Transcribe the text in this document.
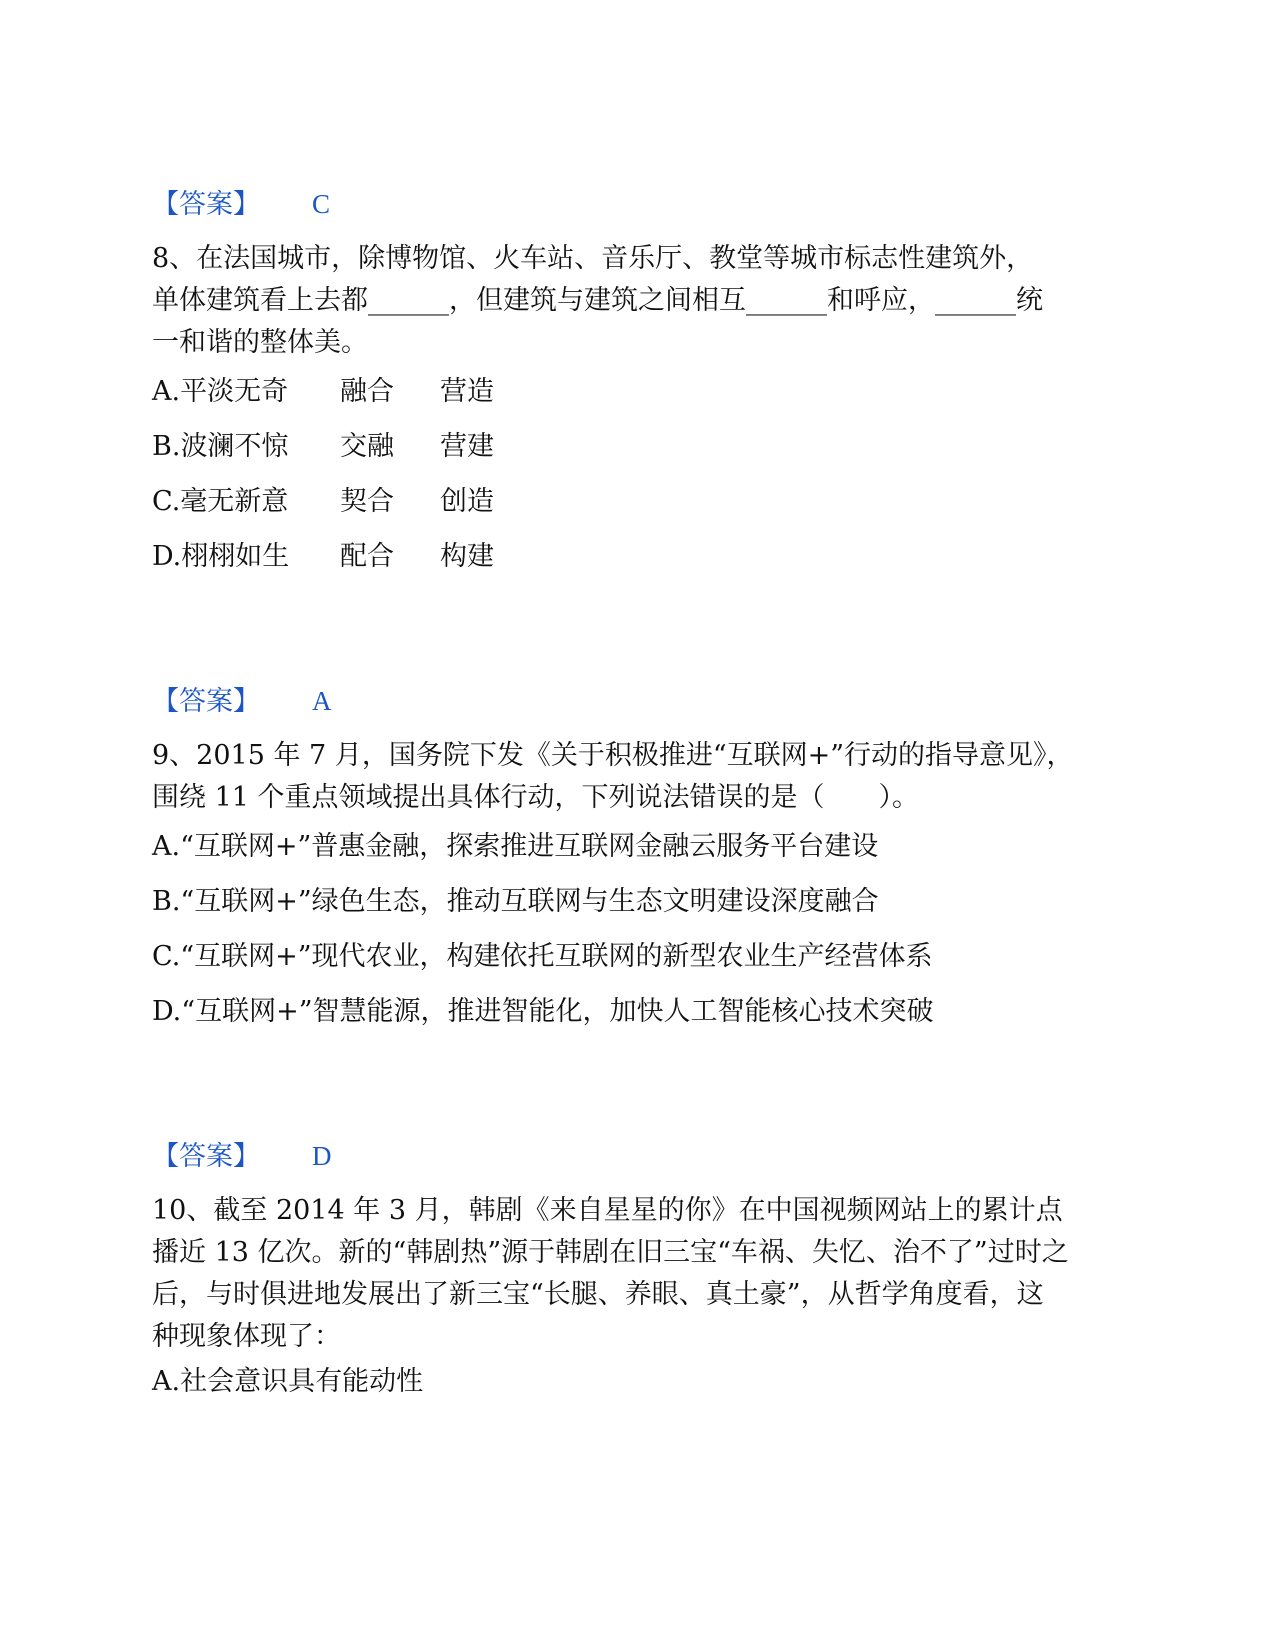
【答案】 C
8、在法国城市，除博物馆、火车站、音乐厅、教堂等城市标志性建筑外，
单体建筑看上去都______，但建筑与建筑之间相互______和呼应，______统
一和谐的整体美。
A.平淡无奇 融合 营造
B.波澜不惊 交融 营建
C.毫无新意 契合 创造
D.栩栩如生 配合 构建
【答案】 A
9、2015 年 7 月，国务院下发《关于积极推进“互联网+”行动的指导意见》，
围绕 11 个重点领域提出具体行动，下列说法错误的是（　　）。
A.“互联网+”普惠金融，探索推进互联网金融云服务平台建设
B.“互联网+”绿色生态，推动互联网与生态文明建设深度融合
C.“互联网+”现代农业，构建依托互联网的新型农业生产经营体系
D.“互联网+”智慧能源，推进智能化，加快人工智能核心技术突破
【答案】 D
10、截至 2014 年 3 月，韩剧《来自星星的你》在中国视频网站上的累计点
播近 13 亿次。新的“韩剧热”源于韩剧在旧三宝“车祸、失忆、治不了”过时之
后，与时俱进地发展出了新三宝“长腿、养眼、真土豪”，从哲学角度看，这
种现象体现了：
A.社会意识具有能动性
